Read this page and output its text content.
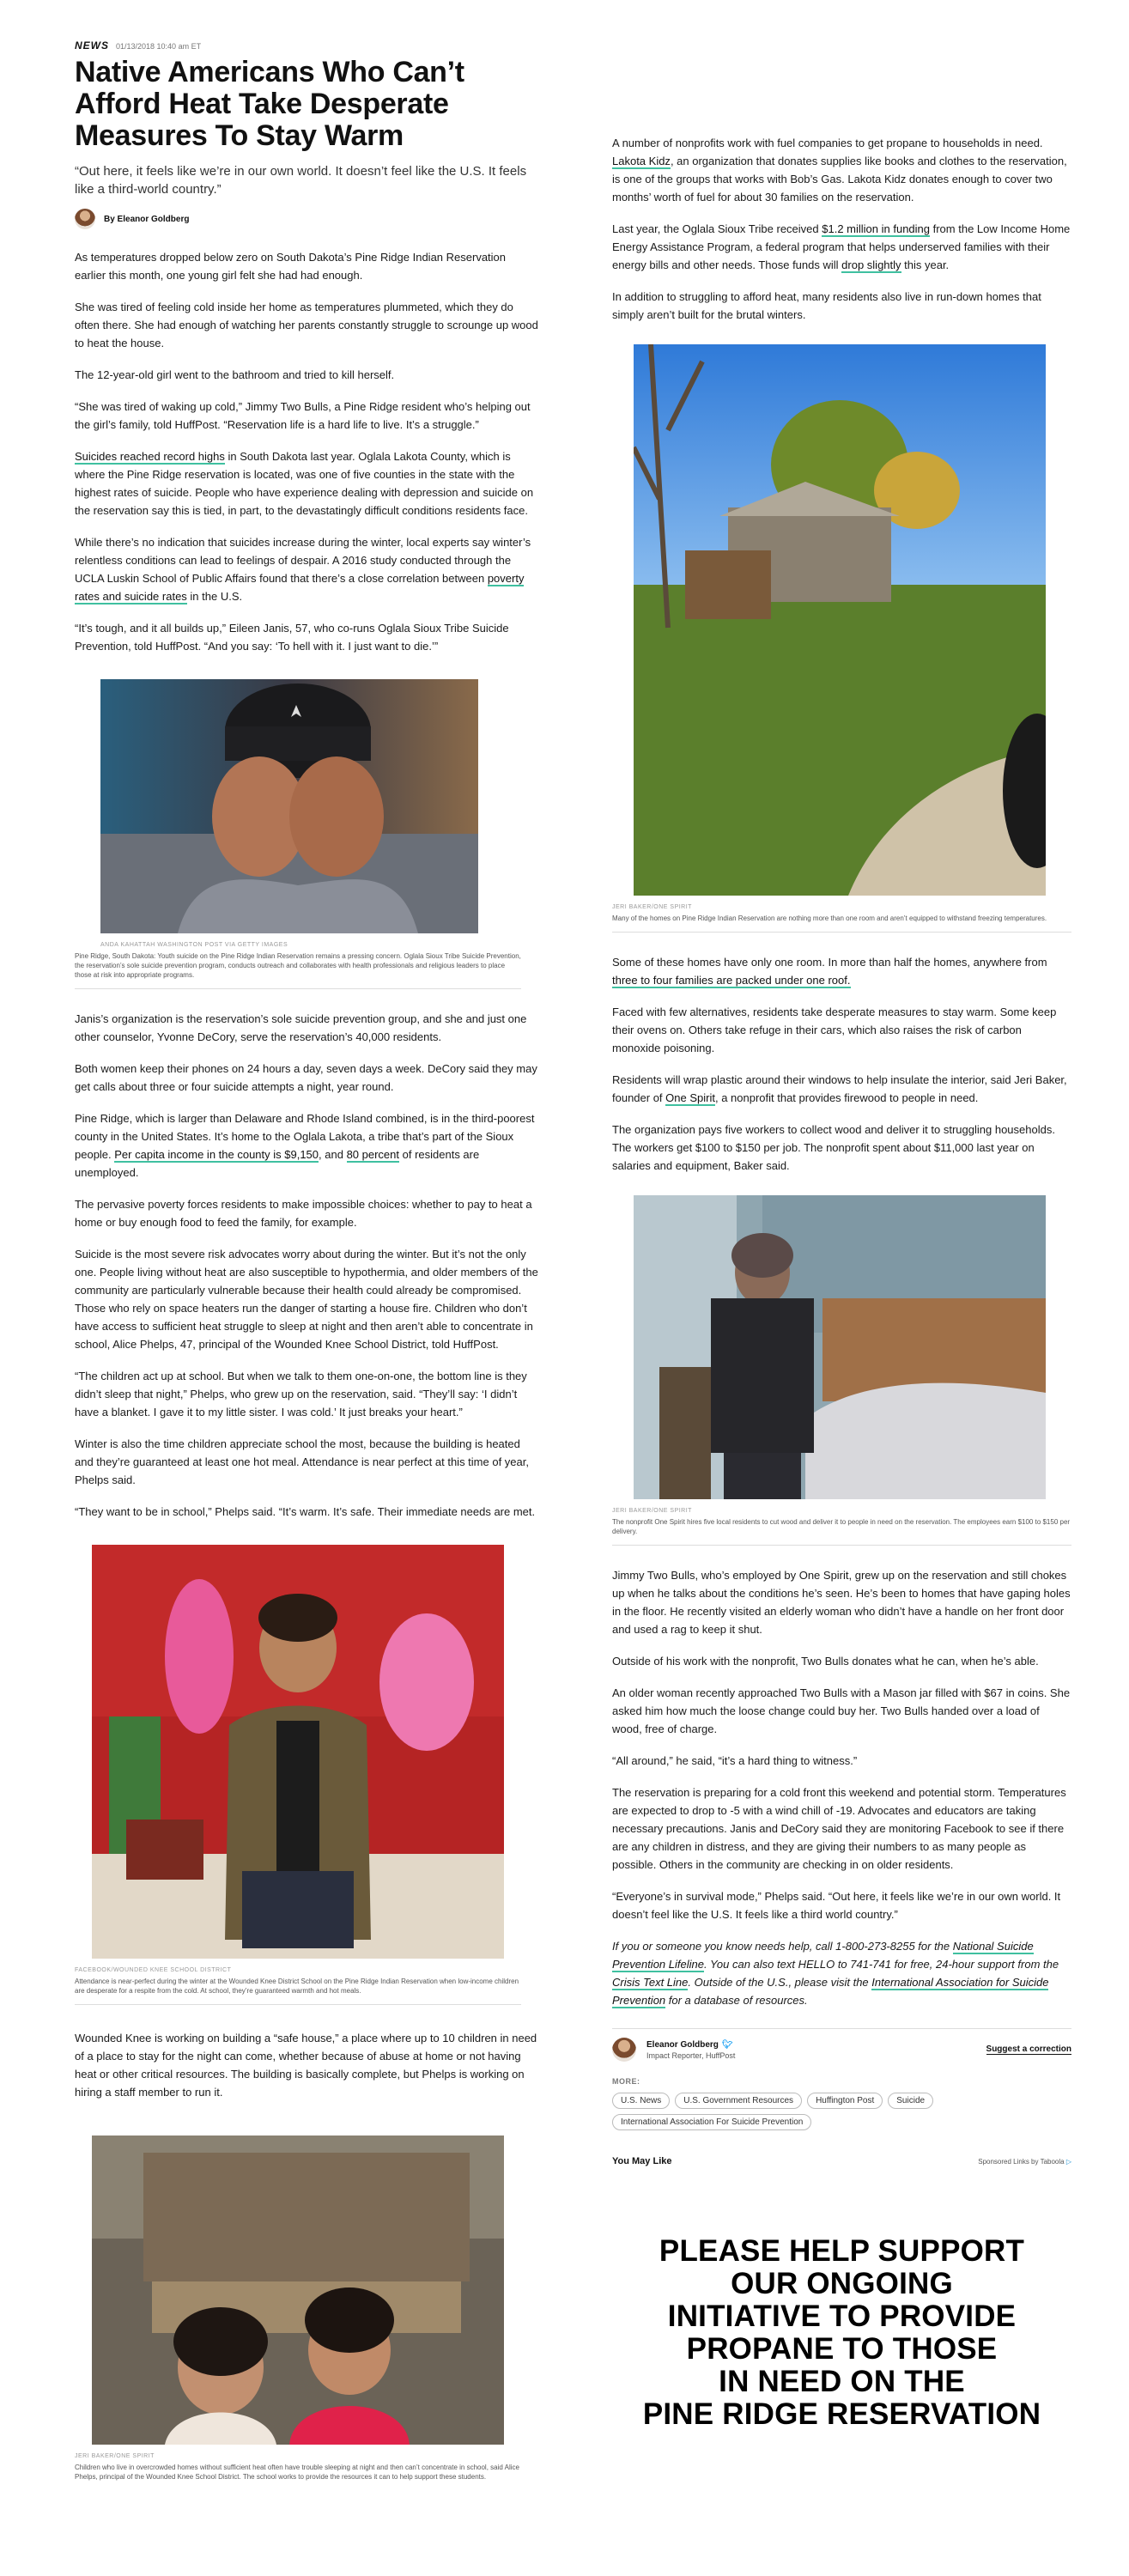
NEWS 01/13/2018 10:40 am ET
Native Americans Who Can’t Afford Heat Take Desperate Measures To Stay Warm
“Out here, it feels like we’re in our own world. It doesn’t feel like the U.S. It feels like a third-world country.”
By Eleanor Goldberg

As temperatures dropped below zero on South Dakota’s Pine Ridge Indian Reservation earlier this month, one young girl felt she had had enough.

She was tired of feeling cold inside her home as temperatures plummeted, which they do often there. She had enough of watching her parents constantly struggle to scrounge up wood to heat the house.

The 12-year-old girl went to the bathroom and tried to kill herself.

“She was tired of waking up cold,” Jimmy Two Bulls, a Pine Ridge resident who’s helping out the girl’s family, told HuffPost. “Reservation life is a hard life to live. It’s a struggle.”

Suicides reached record highs in South Dakota last year. Oglala Lakota County, which is where the Pine Ridge reservation is located, was one of five counties in the state with the highest rates of suicide. People who have experience dealing with depression and suicide on the reservation say this is tied, in part, to the devastatingly difficult conditions residents face.

While there’s no indication that suicides increase during the winter, local experts say winter’s relentless conditions can lead to feelings of despair. A 2016 study conducted through the UCLA Luskin School of Public Affairs found that there’s a close correlation between poverty rates and suicide rates in the U.S.

“It’s tough, and it all builds up,” Eileen Janis, 57, who co-runs Oglala Sioux Tribe Suicide Prevention, told HuffPost. “And you say: ‘To hell with it. I just want to die.’”

ANDA KAHATTAH WASHINGTON POST VIA GETTY IMAGES
Pine Ridge, South Dakota: Youth suicide on the Pine Ridge Indian Reservation remains a pressing concern. Oglala Sioux Tribe Suicide Prevention, the reservation’s sole suicide prevention program, conducts outreach and collaborates with health professionals and religious leaders to place those at risk into appropriate programs.

Janis’s organization is the reservation’s sole suicide prevention group, and she and just one other counselor, Yvonne DeCory, serve the reservation’s 40,000 residents.

Both women keep their phones on 24 hours a day, seven days a week. DeCory said they may get calls about three or four suicide attempts a night, year round.

Pine Ridge, which is larger than Delaware and Rhode Island combined, is in the third-poorest county in the United States. It’s home to the Oglala Lakota, a tribe that’s part of the Sioux people. Per capita income in the county is $9,150, and 80 percent of residents are unemployed.

The pervasive poverty forces residents to make impossible choices: whether to pay to heat a home or buy enough food to feed the family, for example.

Suicide is the most severe risk advocates worry about during the winter. But it’s not the only one. People living without heat are also susceptible to hypothermia, and older members of the community are particularly vulnerable because their health could already be compromised. Those who rely on space heaters run the danger of starting a house fire. Children who don’t have access to sufficient heat struggle to sleep at night and then aren’t able to concentrate in school, Alice Phelps, 47, principal of the Wounded Knee School District, told HuffPost.

“The children act up at school. But when we talk to them one-on-one, the bottom line is they didn’t sleep that night,” Phelps, who grew up on the reservation, said. “They’ll say: ‘I didn’t have a blanket. I gave it to my little sister. I was cold.’ It just breaks your heart.”

Winter is also the time children appreciate school the most, because the building is heated and they’re guaranteed at least one hot meal. Attendance is near perfect at this time of year, Phelps said.

“They want to be in school,” Phelps said. “It’s warm. It’s safe. Their immediate needs are met.

FACEBOOK/WOUNDED KNEE SCHOOL DISTRICT
Attendance is near-perfect during the winter at the Wounded Knee District School on the Pine Ridge Indian Reservation when low-income children are desperate for a respite from the cold. At school, they’re guaranteed warmth and hot meals.

Wounded Knee is working on building a “safe house,” a place where up to 10 children in need of a place to stay for the night can come, whether because of abuse at home or not having heat or other critical resources. The building is basically complete, but Phelps is working on hiring a staff member to run it.

JERI BAKER/ONE SPIRIT
Children who live in overcrowded homes without sufficient heat often have trouble sleeping at night and then can’t concentrate in school, said Alice Phelps, principal of the Wounded Knee School District. The school works to provide the resources it can to help support these students.

A number of nonprofits work with fuel companies to get propane to households in need. Lakota Kidz, an organization that donates supplies like books and clothes to the reservation, is one of the groups that works with Bob’s Gas. Lakota Kidz donates enough to cover two months’ worth of fuel for about 30 families on the reservation.

Last year, the Oglala Sioux Tribe received $1.2 million in funding from the Low Income Home Energy Assistance Program, a federal program that helps underserved families with their energy bills and other needs. Those funds will drop slightly this year.

In addition to struggling to afford heat, many residents also live in run-down homes that simply aren’t built for the brutal winters.

JERI BAKER/ONE SPIRIT
Many of the homes on Pine Ridge Indian Reservation are nothing more than one room and aren’t equipped to withstand freezing temperatures.

Some of these homes have only one room. In more than half the homes, anywhere from three to four families are packed under one roof.

Faced with few alternatives, residents take desperate measures to stay warm. Some keep their ovens on. Others take refuge in their cars, which also raises the risk of carbon monoxide poisoning.

Residents will wrap plastic around their windows to help insulate the interior, said Jeri Baker, founder of One Spirit, a nonprofit that provides firewood to people in need.

The organization pays five workers to collect wood and deliver it to struggling households. The workers get $100 to $150 per job. The nonprofit spent about $11,000 last year on salaries and equipment, Baker said.

JERI BAKER/ONE SPIRIT
The nonprofit One Spirit hires five local residents to cut wood and deliver it to people in need on the reservation. The employees earn $100 to $150 per delivery.

Jimmy Two Bulls, who’s employed by One Spirit, grew up on the reservation and still chokes up when he talks about the conditions he’s seen. He’s been to homes that have gaping holes in the floor. He recently visited an elderly woman who didn’t have a handle on her front door and used a rag to keep it shut.

Outside of his work with the nonprofit, Two Bulls donates what he can, when he’s able.

An older woman recently approached Two Bulls with a Mason jar filled with $67 in coins. She asked him how much the loose change could buy her. Two Bulls handed over a load of wood, free of charge.

“All around,” he said, “it’s a hard thing to witness.”

The reservation is preparing for a cold front this weekend and potential storm. Temperatures are expected to drop to -5 with a wind chill of -19. Advocates and educators are taking necessary precautions. Janis and DeCory said they are monitoring Facebook to see if there are any children in distress, and they are giving their numbers to as many people as possible. Others in the community are checking in on older residents.

“Everyone’s in survival mode,” Phelps said. “Out here, it feels like we’re in our own world. It doesn’t feel like the U.S. It feels like a third world country.”

If you or someone you know needs help, call 1-800-273-8255 for the National Suicide Prevention Lifeline. You can also text HELLO to 741-741 for free, 24-hour support from the Crisis Text Line. Outside of the U.S., please visit the International Association for Suicide Prevention for a database of resources.

Eleanor Goldberg 🐦︎
Impact Reporter, HuffPost
Suggest a correction
MORE:
U.S. News	U.S. Government Resources	Huffington Post	Suicide
International Association For Suicide Prevention
You May Like	Sponsored Links by Taboola ▷
PLEASE HELP SUPPORT
OUR ONGOING
INITIATIVE TO PROVIDE
PROPANE TO THOSE
IN NEED ON THE
PINE RIDGE RESERVATION
